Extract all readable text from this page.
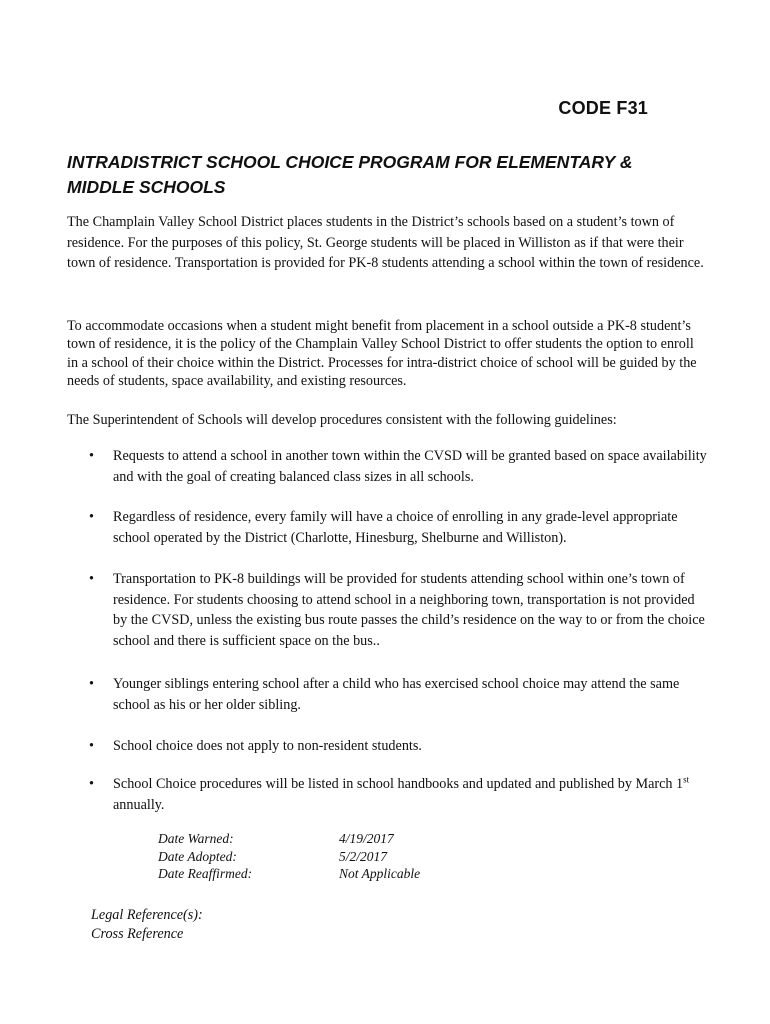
CODE F31
INTRADISTRICT SCHOOL CHOICE PROGRAM FOR ELEMENTARY & MIDDLE SCHOOLS
The Champlain Valley School District places students in the District’s schools based on a student’s town of residence. For the purposes of this policy, St. George students will be placed in Williston as if that were their town of residence. Transportation is provided for PK-8 students attending a school within the town of residence.
To accommodate occasions when a student might benefit from placement in a school outside a PK-8 student’s town of residence, it is the policy of the Champlain Valley School District to offer students the option to enroll in a school of their choice within the District. Processes for intra-district choice of school will be guided by the needs of students, space availability, and existing resources.
The Superintendent of Schools will develop procedures consistent with the following guidelines:
•	Requests to attend a school in another town within the CVSD will be granted based on space availability and with the goal of creating balanced class sizes in all schools.
•	Regardless of residence, every family will have a choice of enrolling in any grade-level appropriate school operated by the District (Charlotte, Hinesburg, Shelburne and Williston).
•	Transportation to PK-8 buildings will be provided for students attending school within one’s town of residence. For students choosing to attend school in a neighboring town, transportation is not provided by the CVSD, unless the existing bus route passes the child’s residence on the way to or from the choice school and there is sufficient space on the bus..
•	Younger siblings entering school after a child who has exercised school choice may attend the same school as his or her older sibling.
•	School choice does not apply to non-resident students.
•	School Choice procedures will be listed in school handbooks and updated and published by March 1st annually.
Date Warned:	4/19/2017
Date Adopted:	5/2/2017
Date Reaffirmed:	Not Applicable
Legal Reference(s):
Cross Reference
